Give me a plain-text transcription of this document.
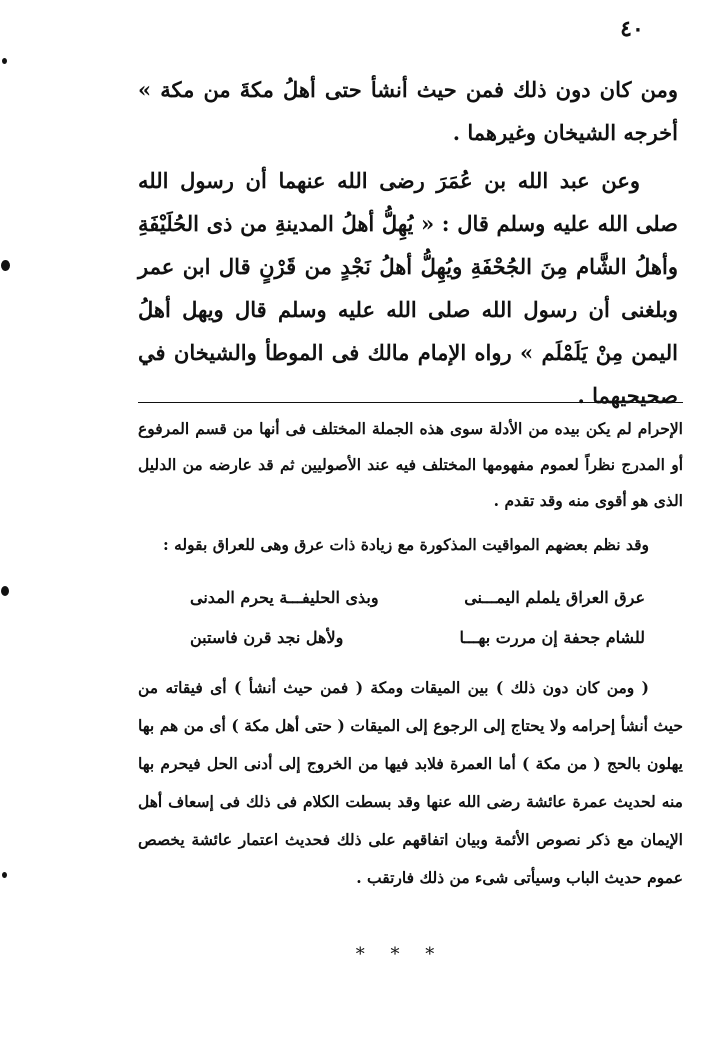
٤٠

ومن كان دون ذلك فمن حيث أنشأ حتى أهلُ مكةَ من مكة » أخرجه الشيخان وغيرهما .

وعن عبد الله بن عُمَرَ رضى الله عنهما أن رسول الله صلى الله عليه وسلم قال : « يُهِلُّ أهلُ المدينةِ من ذى الحُلَيْفَةِ وأهلُ الشَّام مِنَ الجُحْفَةِ ويُهِلُّ أهلُ نَجْدٍ من قَرْنٍ قال ابن عمر وبلغنى أن رسول الله صلى الله عليه وسلم قال ويهل أهلُ اليمن مِنْ يَلَمْلَم » رواه الإمام مالك فى الموطأ والشيخان في صحيحيهما .

الإحرام لم يكن بيده من الأدلة سوى هذه الجملة المختلف فى أنها من قسم المرفوع أو المدرج نظراً لعموم مفهومها المختلف فيه عند الأصوليين ثم قد عارضه من الدليل الذى هو أقوى منه وقد تقدم .

وقد نظم بعضهم المواقيت المذكورة مع زيادة ذات عرق وهى للعراق بقوله :

عرق العراق يلملم اليمـــنى
وبذى الحليفـــة يحرم المدنى
للشام جحفة إن مررت بهـــا
ولأهل نجد قرن فاستبن

( ومن كان دون ذلك ) بين الميقات ومكة ( فمن حيث أنشأ ) أى فيقاته من حيث أنشأ إحرامه ولا يحتاج إلى الرجوع إلى الميقات ( حتى أهل مكة ) أى من هم بها يهلون بالحج ( من مكة ) أما العمرة فلابد فيها من الخروج إلى أدنى الحل فيحرم بها منه لحديث عمرة عائشة رضى الله عنها وقد بسطت الكلام فى ذلك فى إسعاف أهل الإيمان مع ذكر نصوص الأئمة وبيان اتفاقهم على ذلك فحديث اعتمار عائشة يخصص عموم حديث الباب وسيأتى شىء من ذلك فارتقب .

* * *
